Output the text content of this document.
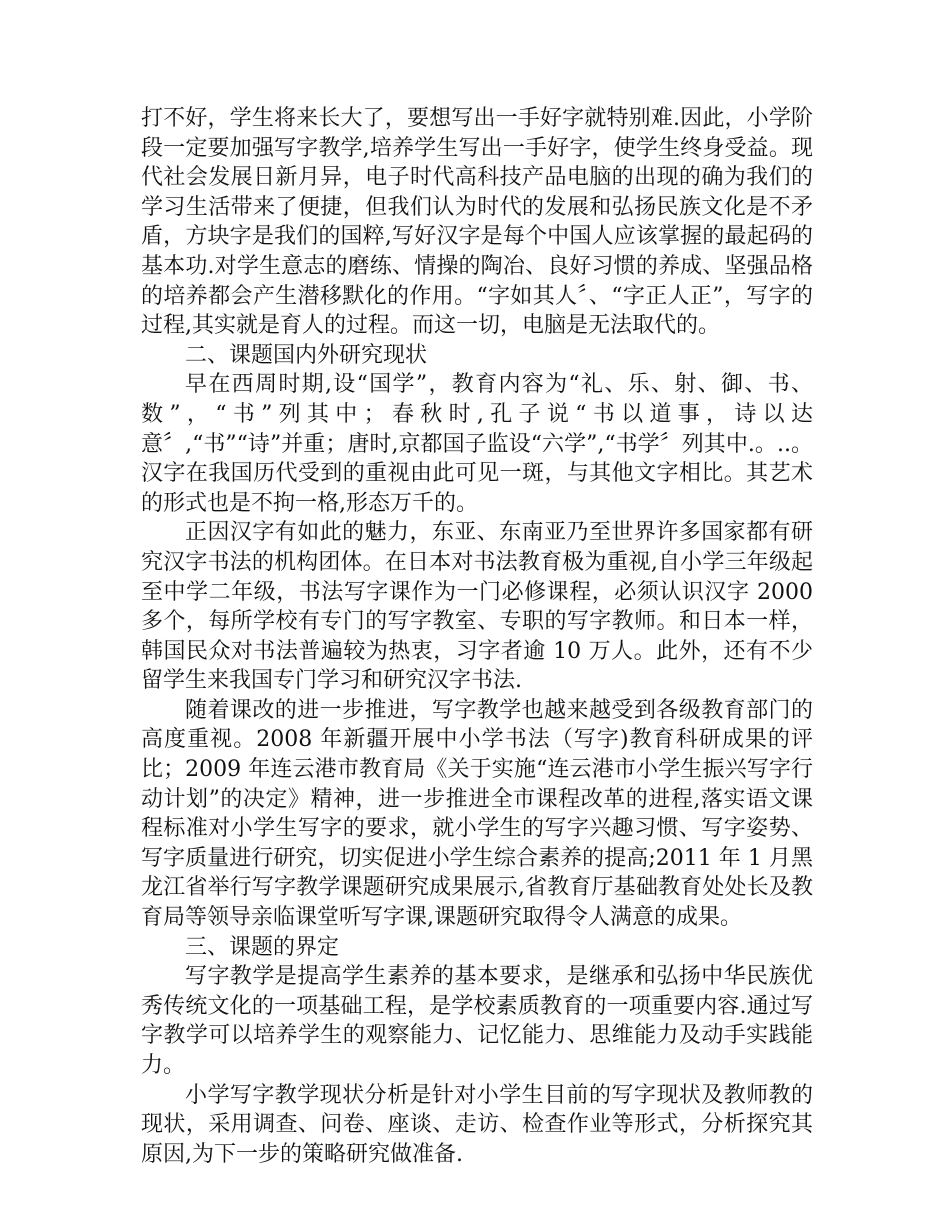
打不好，学生将来长大了，要想写出一手好字就特别难.因此，小学阶段一定要加强写字教学,培养学生写出一手好字，使学生终身受益。现代社会发展日新月异，电子时代高科技产品电脑的出现的确为我们的学习生活带来了便捷，但我们认为时代的发展和弘扬民族文化是不矛盾，方块字是我们的国粹,写好汉字是每个中国人应该掌握的最起码的基本功.对学生意志的磨练、情操的陶冶、良好习惯的养成、坚强品格的培养都会产生潜移默化的作用。“字如其人〞、“字正人正”，写字的过程,其实就是育人的过程。而这一切，电脑是无法取代的。

二、课题国内外研究现状

早在西周时期,设“国学”，教育内容为“礼、乐、射、御、书、数”，“书”列其中；春秋时,孔子说“书以道事，诗以达意〞,“书”“诗”并重；唐时,京都国子监设“六学”,“书学〞列其中.。..。汉字在我国历代受到的重视由此可见一斑，与其他文字相比。其艺术的形式也是不拘一格,形态万千的。

正因汉字有如此的魅力，东亚、东南亚乃至世界许多国家都有研究汉字书法的机构团体。在日本对书法教育极为重视,自小学三年级起至中学二年级，书法写字课作为一门必修课程，必须认识汉字 2000 多个，每所学校有专门的写字教室、专职的写字教师。和日本一样，韩国民众对书法普遍较为热衷，习字者逾 10 万人。此外，还有不少留学生来我国专门学习和研究汉字书法.

随着课改的进一步推进，写字教学也越来越受到各级教育部门的高度重视。2008 年新疆开展中小学书法（写字)教育科研成果的评比；2009 年连云港市教育局《关于实施“连云港市小学生振兴写字行动计划”的决定》精神，进一步推进全市课程改革的进程,落实语文课程标准对小学生写字的要求，就小学生的写字兴趣习惯、写字姿势、写字质量进行研究，切实促进小学生综合素养的提高;2011 年 1 月黑龙江省举行写字教学课题研究成果展示,省教育厅基础教育处处长及教育局等领导亲临课堂听写字课,课题研究取得令人满意的成果。

三、课题的界定

写字教学是提高学生素养的基本要求，是继承和弘扬中华民族优秀传统文化的一项基础工程，是学校素质教育的一项重要内容.通过写字教学可以培养学生的观察能力、记忆能力、思维能力及动手实践能力。

小学写字教学现状分析是针对小学生目前的写字现状及教师教的现状，采用调查、问卷、座谈、走访、检查作业等形式，分析探究其原因,为下一步的策略研究做准备.
